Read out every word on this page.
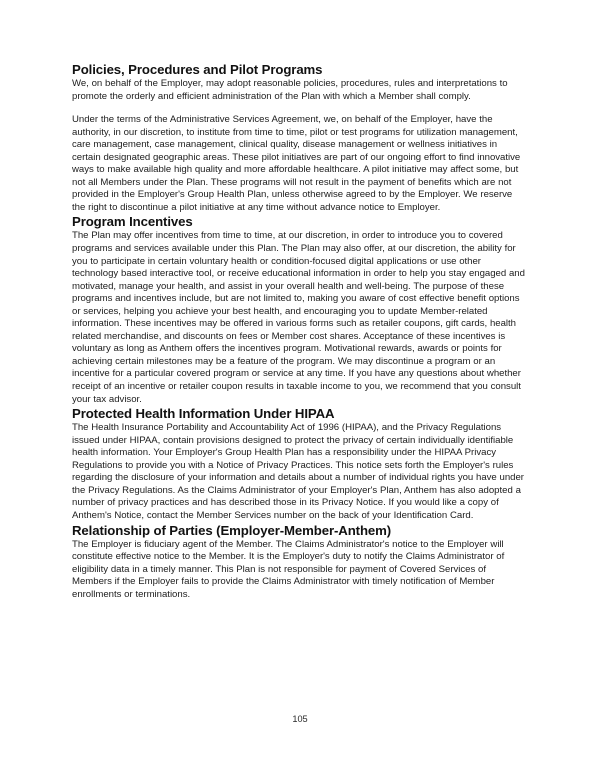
Policies, Procedures and Pilot Programs

We, on behalf of the Employer, may adopt reasonable policies, procedures, rules and interpretations to promote the orderly and efficient administration of the Plan with which a Member shall comply.

Under the terms of the Administrative Services Agreement, we, on behalf of the Employer, have the authority, in our discretion, to institute from time to time, pilot or test programs for utilization management, care management, case management, clinical quality, disease management or wellness initiatives in certain designated geographic areas. These pilot initiatives are part of our ongoing effort to find innovative ways to make available high quality and more affordable healthcare. A pilot initiative may affect some, but not all Members under the Plan. These programs will not result in the payment of benefits which are not provided in the Employer's Group Health Plan, unless otherwise agreed to by the Employer. We reserve the right to discontinue a pilot initiative at any time without advance notice to Employer.

Program Incentives

The Plan may offer incentives from time to time, at our discretion, in order to introduce you to covered programs and services available under this Plan. The Plan may also offer, at our discretion, the ability for you to participate in certain voluntary health or condition-focused digital applications or use other technology based interactive tool, or receive educational information in order to help you stay engaged and motivated, manage your health, and assist in your overall health and well-being. The purpose of these programs and incentives include, but are not limited to, making you aware of cost effective benefit options or services, helping you achieve your best health, and encouraging you to update Member-related information. These incentives may be offered in various forms such as retailer coupons, gift cards, health related merchandise, and discounts on fees or Member cost shares. Acceptance of these incentives is voluntary as long as Anthem offers the incentives program. Motivational rewards, awards or points for achieving certain milestones may be a feature of the program. We may discontinue a program or an incentive for a particular covered program or service at any time. If you have any questions about whether receipt of an incentive or retailer coupon results in taxable income to you, we recommend that you consult your tax advisor.

Protected Health Information Under HIPAA

The Health Insurance Portability and Accountability Act of 1996 (HIPAA), and the Privacy Regulations issued under HIPAA, contain provisions designed to protect the privacy of certain individually identifiable health information. Your Employer's Group Health Plan has a responsibility under the HIPAA Privacy Regulations to provide you with a Notice of Privacy Practices. This notice sets forth the Employer's rules regarding the disclosure of your information and details about a number of individual rights you have under the Privacy Regulations. As the Claims Administrator of your Employer's Plan, Anthem has also adopted a number of privacy practices and has described those in its Privacy Notice. If you would like a copy of Anthem's Notice, contact the Member Services number on the back of your Identification Card.

Relationship of Parties (Employer-Member-Anthem)

The Employer is fiduciary agent of the Member. The Claims Administrator's notice to the Employer will constitute effective notice to the Member. It is the Employer's duty to notify the Claims Administrator of eligibility data in a timely manner. This Plan is not responsible for payment of Covered Services of Members if the Employer fails to provide the Claims Administrator with timely notification of Member enrollments or terminations.

105
